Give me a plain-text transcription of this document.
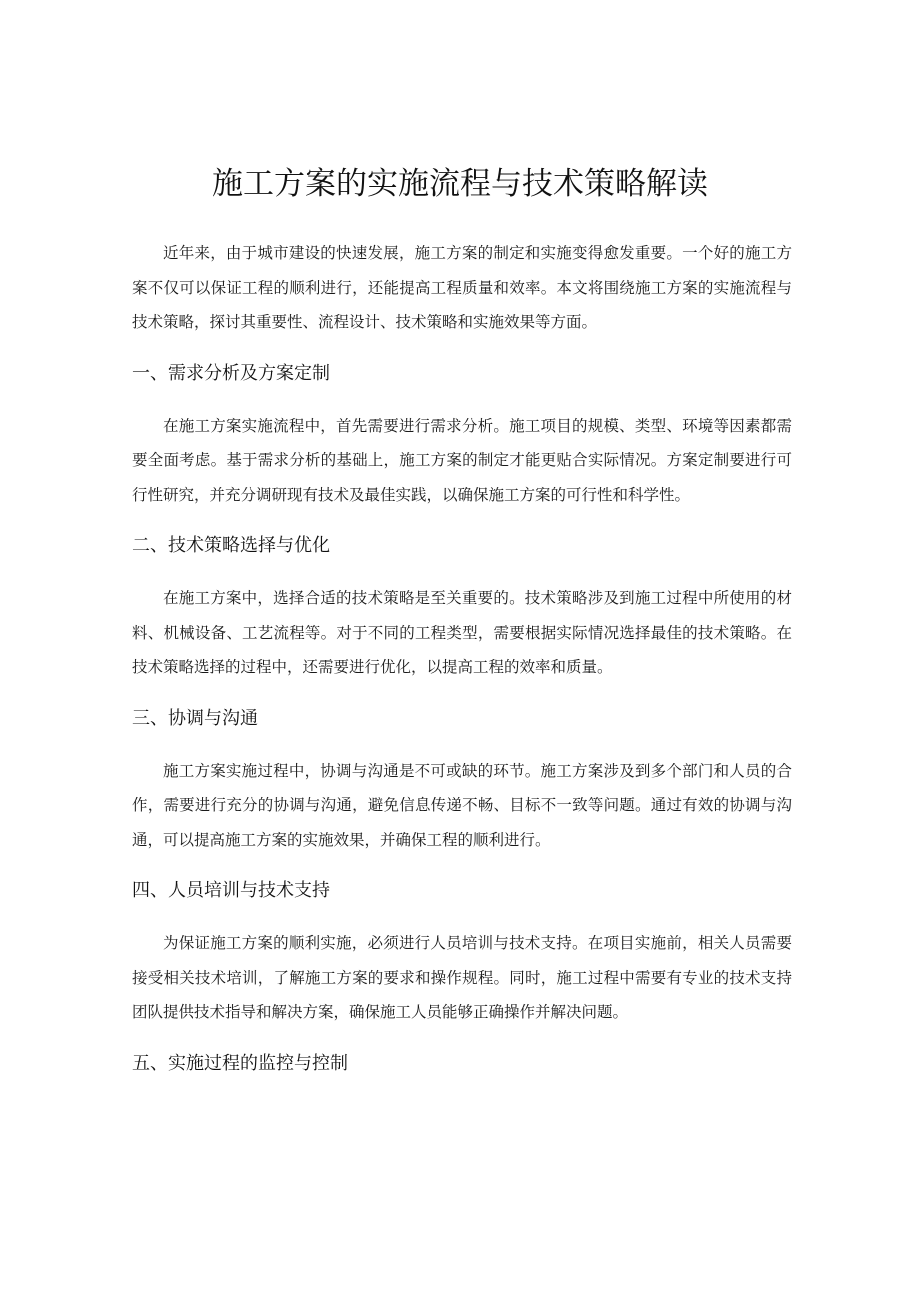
施工方案的实施流程与技术策略解读

近年来，由于城市建设的快速发展，施工方案的制定和实施变得愈发重要。一个好的施工方案不仅可以保证工程的顺利进行，还能提高工程质量和效率。本文将围绕施工方案的实施流程与技术策略，探讨其重要性、流程设计、技术策略和实施效果等方面。

一、需求分析及方案定制

在施工方案实施流程中，首先需要进行需求分析。施工项目的规模、类型、环境等因素都需要全面考虑。基于需求分析的基础上，施工方案的制定才能更贴合实际情况。方案定制要进行可行性研究，并充分调研现有技术及最佳实践，以确保施工方案的可行性和科学性。

二、技术策略选择与优化

在施工方案中，选择合适的技术策略是至关重要的。技术策略涉及到施工过程中所使用的材料、机械设备、工艺流程等。对于不同的工程类型，需要根据实际情况选择最佳的技术策略。在技术策略选择的过程中，还需要进行优化，以提高工程的效率和质量。

三、协调与沟通

施工方案实施过程中，协调与沟通是不可或缺的环节。施工方案涉及到多个部门和人员的合作，需要进行充分的协调与沟通，避免信息传递不畅、目标不一致等问题。通过有效的协调与沟通，可以提高施工方案的实施效果，并确保工程的顺利进行。

四、人员培训与技术支持

为保证施工方案的顺利实施，必须进行人员培训与技术支持。在项目实施前，相关人员需要接受相关技术培训，了解施工方案的要求和操作规程。同时，施工过程中需要有专业的技术支持团队提供技术指导和解决方案，确保施工人员能够正确操作并解决问题。

五、实施过程的监控与控制
